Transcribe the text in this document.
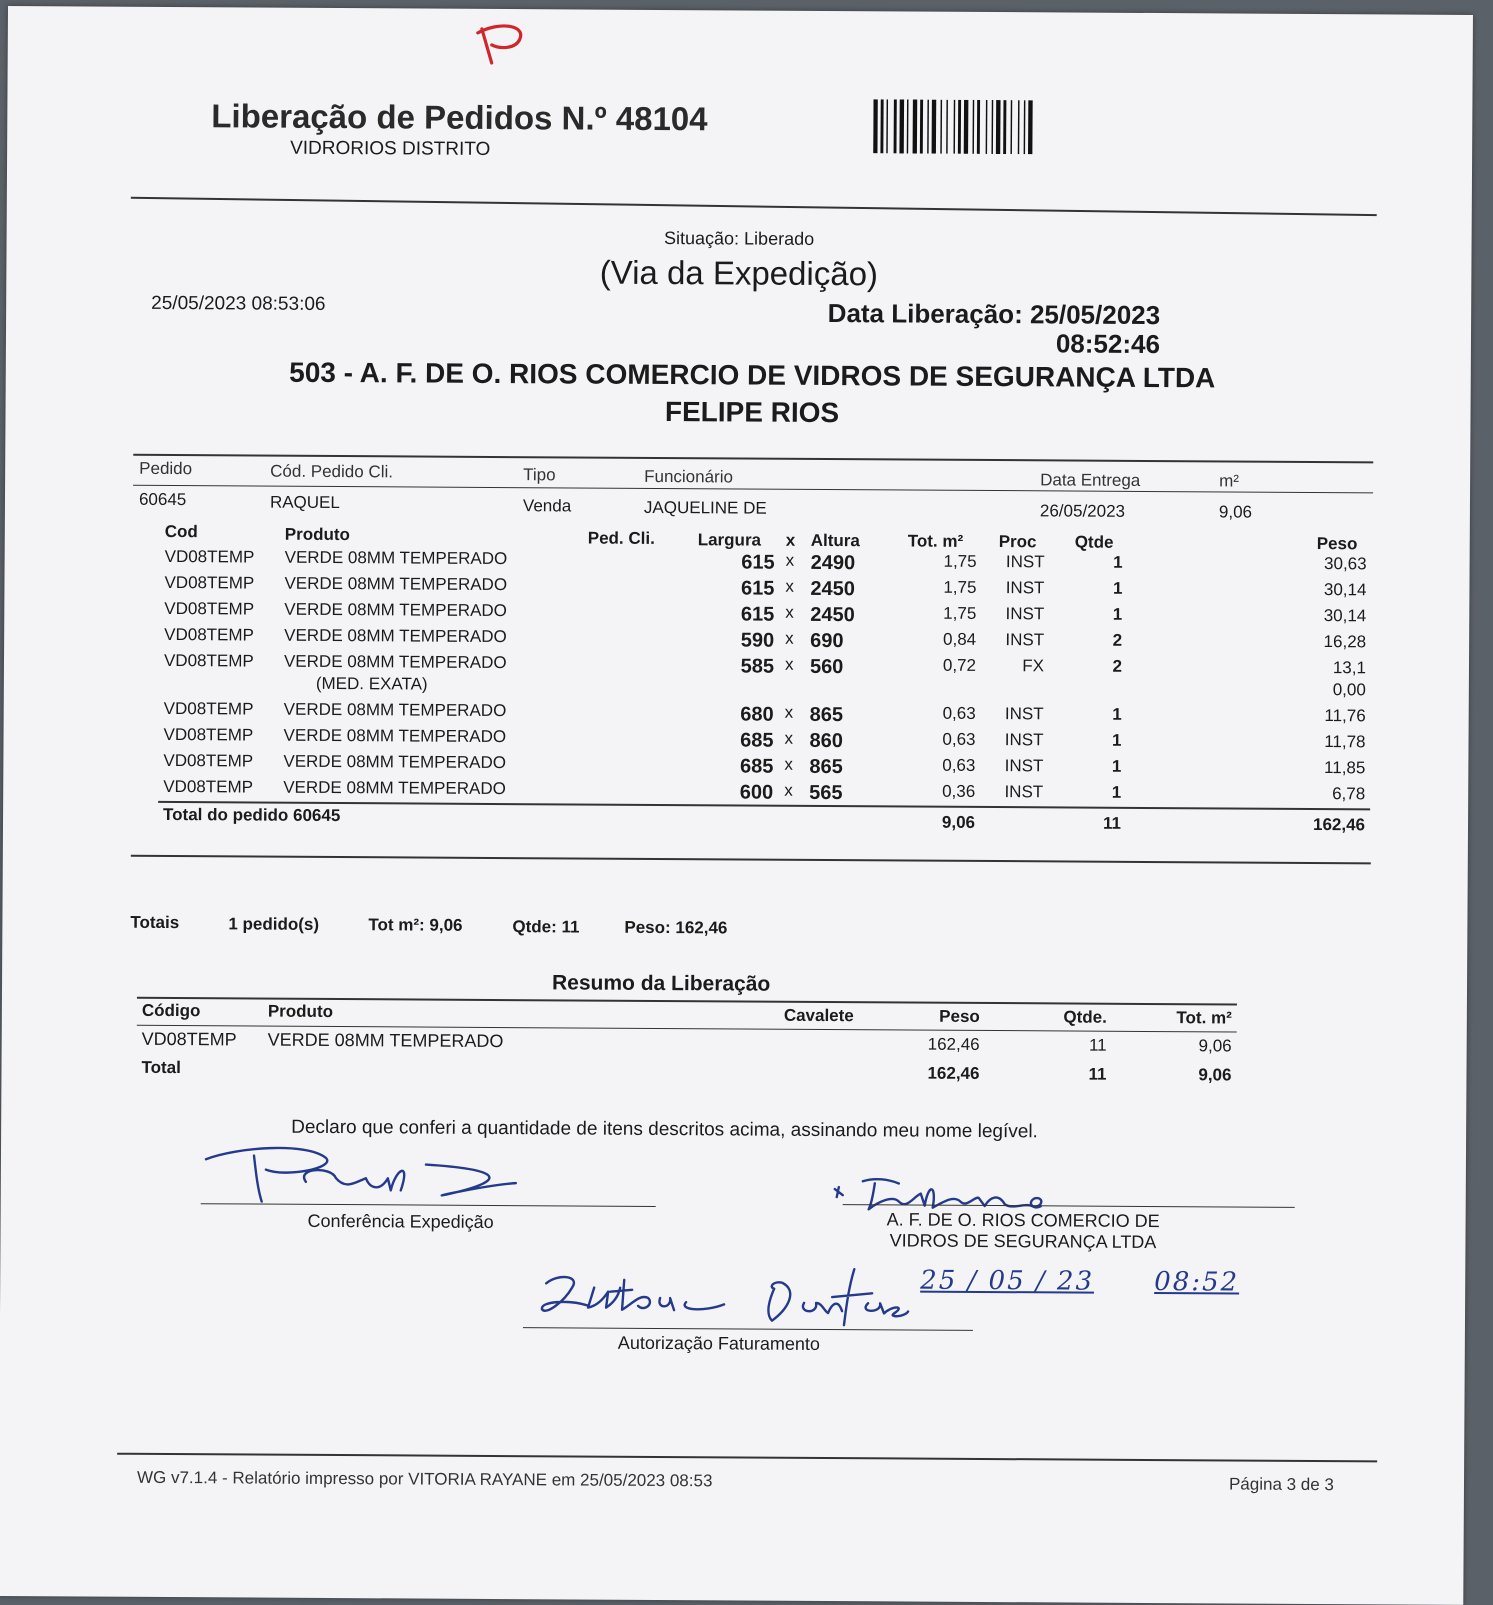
Liberação de Pedidos N.º 48104
VIDRORIOS DISTRITO
Situação: Liberado
(Via da Expedição)
25/05/2023 08:53:06	Data Liberação: 25/05/2023
08:52:46
503 - A. F. DE O. RIOS COMERCIO DE VIDROS DE SEGURANÇA LTDA
FELIPE RIOS
Pedido	Cód. Pedido Cli.	Tipo	Funcionário	Data Entrega	m²
60645	RAQUEL	Venda	JAQUELINE DE	26/05/2023	9,06
Cod	Produto	Ped. Cli.	Largura x Altura	Tot. m² Proc Qtde	Peso
VD08TEMP VERDE 08MM TEMPERADO	615 x 2490	1,75	INST	1	30,63
VD08TEMP VERDE 08MM TEMPERADO	615 x 2450	1,75	INST	1	30,14
VD08TEMP VERDE 08MM TEMPERADO	615 x 2450	1,75	INST	1	30,14
VD08TEMP VERDE 08MM TEMPERADO	590 x 690	0,84	INST	2	16,28
VD08TEMP VERDE 08MM TEMPERADO	585 x 560	0,72	FX	2	13,1
(MED. EXATA)	0,00
VD08TEMP VERDE 08MM TEMPERADO	680 x 865	0,63	INST	1	11,76
VD08TEMP VERDE 08MM TEMPERADO	685 x 860	0,63	INST	1	11,78
VD08TEMP VERDE 08MM TEMPERADO	685 x 865	0,63	INST	1	11,85
VD08TEMP VERDE 08MM TEMPERADO	600 x 565	0,36	INST	1	6,78
Total do pedido 60645	9,06	11	162,46
Totais	1 pedido(s)	Tot m²: 9,06	Qtde: 11	Peso: 162,46
Resumo da Liberação
Código	Produto	Cavalete	Peso	Qtde.	Tot. m²
VD08TEMP VERDE 08MM TEMPERADO	162,46	11	9,06
Total	162,46	11	9,06
Declaro que conferi a quantidade de itens descritos acima, assinando meu nome legível.
Conferência Expedição	A. F. DE O. RIOS COMERCIO DE
VIDROS DE SEGURANÇA LTDA
25 / 05 / 23 08:52
Autorização Faturamento
WG v7.1.4 - Relatório impresso por VITORIA RAYANE em 25/05/2023 08:53	Página 3 de 3
